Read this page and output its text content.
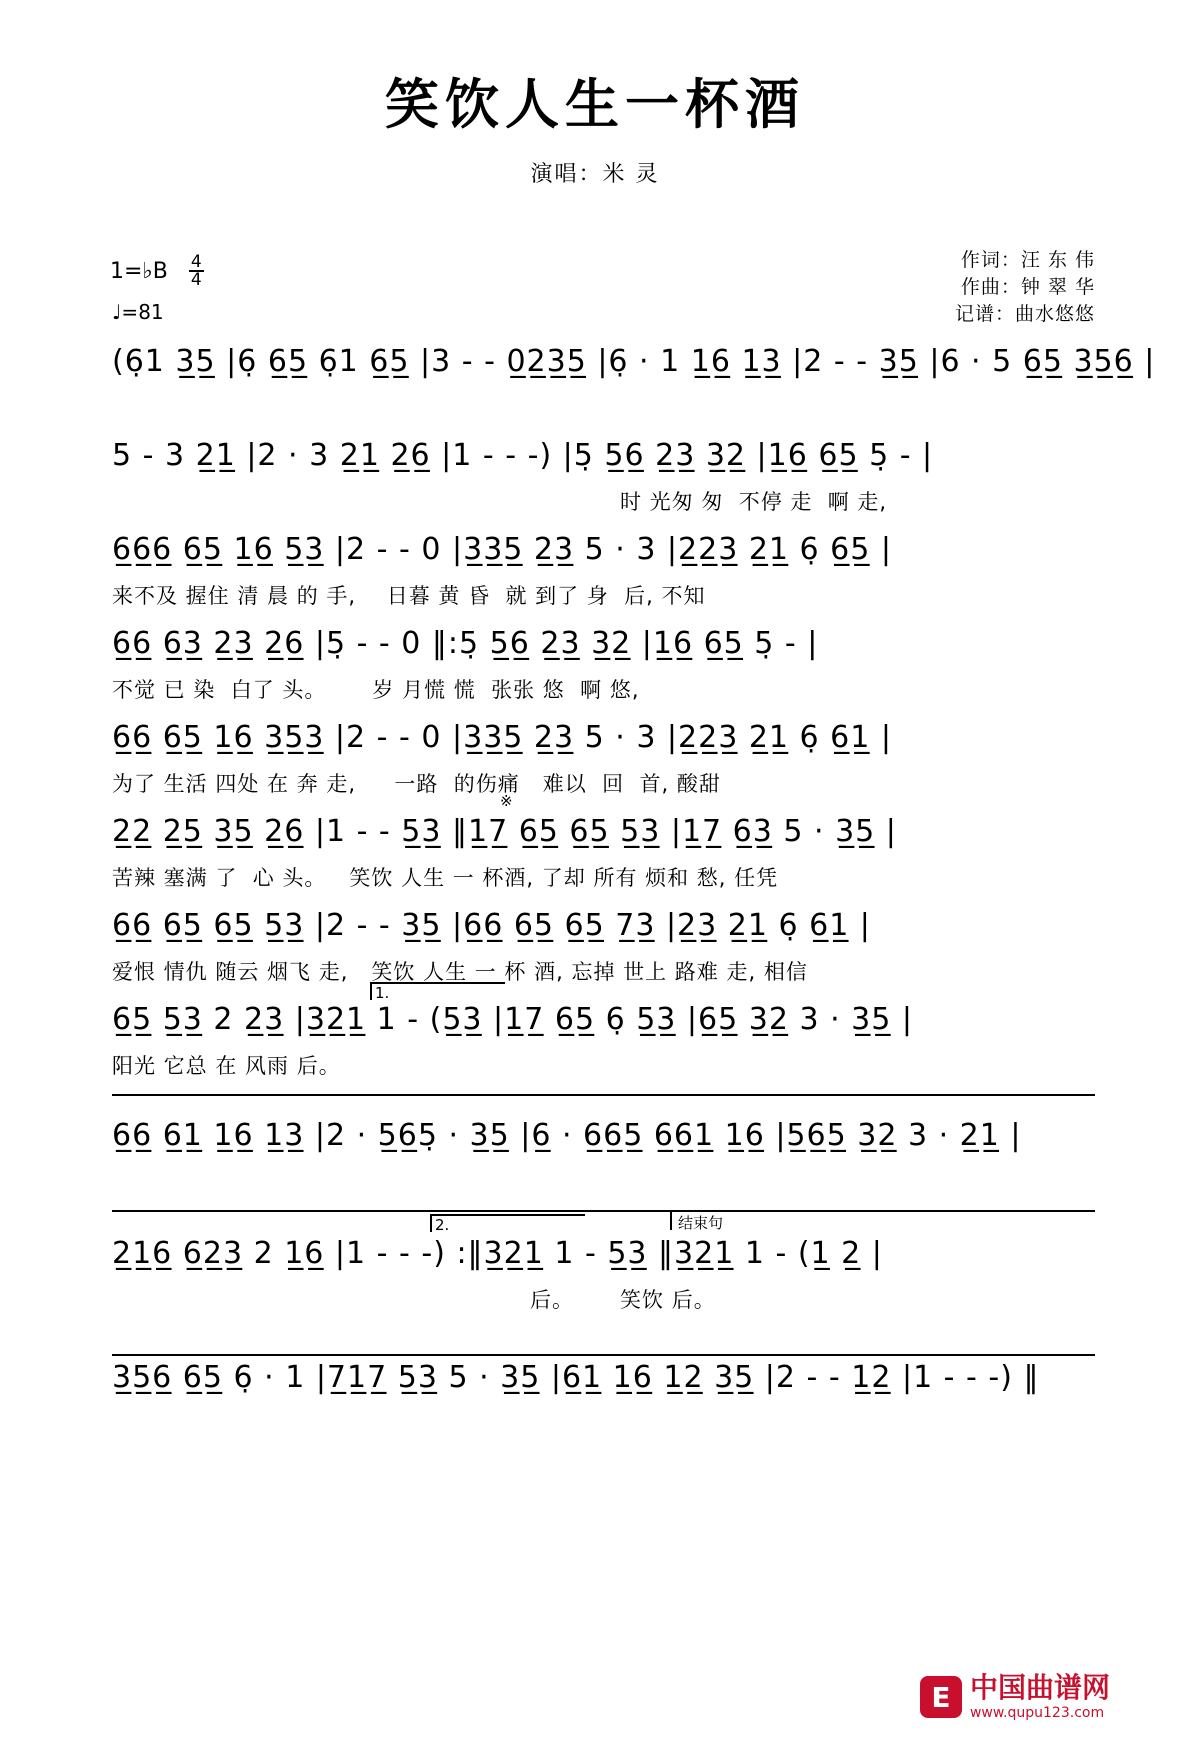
笑饮人生一杯酒
演唱：米 灵
1=♭B $\frac{4}{4}$
♩=81
作词：汪 东 伟
作曲：钟 翠 华
记谱：曲水悠悠
(6̣1 3̲5̲ |6̣ 6̲5̲ 6̣1 6̲5̲ |3 - - 0̲2̲3̲5̲ |6̣ · 1 1̲6̲ 1̲3̲ |2 - - 3̲5̲ |6 · 5 6̲5̲ 3̲5̲6̲ |
5 - 3 2̲1̲ |2 · 3 2̲1̲ 2̲6̲ |1 - - -) |5̣ 5̲6̲ 2̲3̲ 3̲2̲ |1̲6̲ 6̲5̲ 5̣ - |
时 光匆 匆  不停 走  啊 走,
6̲6̲6̲ 6̲5̲ 1̲6̲ 5̲3̲ |2 - - 0 |3̲3̲5̲ 2̲3̲ 5 · 3 |2̲2̲3̲ 2̲1̲ 6̣ 6̲5̲ |
来不及 握住 清 晨 的 手,    日暮 黄 昏  就 到了 身  后, 不知
6̲6̲ 6̲3̲ 2̲3̲ 2̲6̲ |5̣ - - 0 ‖:5̣ 5̲6̲ 2̲3̲ 3̲2̲ |1̲6̲ 6̲5̲ 5̣ - |
不觉 已 染  白了 头。      岁 月慌 慌  张张 悠  啊 悠,
6̲6̲ 6̲5̲ 1̲6̲ 3̲5̲3̲ |2 - - 0 |3̲3̲5̲ 2̲3̲ 5 · 3 |2̲2̲3̲ 2̲1̲ 6̣ 6̲1̲ |
为了 生活 四处 在 奔 走,     一路  的伤痛   难以  回  首, 酸甜
※
2̲2̲ 2̲5̲ 3̲5̲ 2̲6̲ |1 - - 5̲3̲ ‖1̲7̲ 6̲5̲ 6̲5̲ 5̲3̲ |1̲7̲ 6̲3̲ 5 · 3̲5̲ |
苦辣 塞满 了  心 头。   笑饮 人生 一 杯酒, 了却 所有 烦和 愁, 任凭
6̲6̲ 6̲5̲ 6̲5̲ 5̲3̲ |2 - - 3̲5̲ |6̲6̲ 6̲5̲ 6̲5̲ 7̲3̲ |2̲3̲ 2̲1̲ 6̣ 6̲1̲ |
爱恨 情仇 随云 烟飞 走,   笑饮 人生 一 杯 酒, 忘掉 世上 路难 走, 相信
1.
6̲5̲ 5̲3̲ 2 2̲3̲ |3̲2̲1̲ 1 - (5̲3̲ |1̲7̲ 6̲5̲ 6̣ 5̲3̲ |6̲5̲ 3̲2̲ 3 · 3̲5̲ |
阳光 它总 在 风雨 后。
6̲6̲ 6̲1̲ 1̲6̲ 1̲3̲ |2 · 5̲6̲5̣ · 3̲5̲ |6̲ · 6̲6̲5̲ 6̲6̲1̲ 1̲6̲ |5̲6̲5̲ 3̲2̲ 3 · 2̲1̲ |
2.	结束句
2̲1̲6̲ 6̲2̲3̲ 2 1̲6̲ |1 - - -) :‖3̲2̲1̲ 1 - 5̲3̲ ‖3̲2̲1̲ 1 - (1̲ 2̲ |
后。      笑饮 后。
3̲5̲6̲ 6̲5̲ 6̣ · 1 |7̲1̲7̲ 5̲3̲ 5 · 3̲5̲ |6̲1̲ 1̲6̲ 1̲2̲ 3̲5̲ |2 - - 1̲2̲ |1 - - -) ‖
E 中国曲谱网
www.qupu123.com
